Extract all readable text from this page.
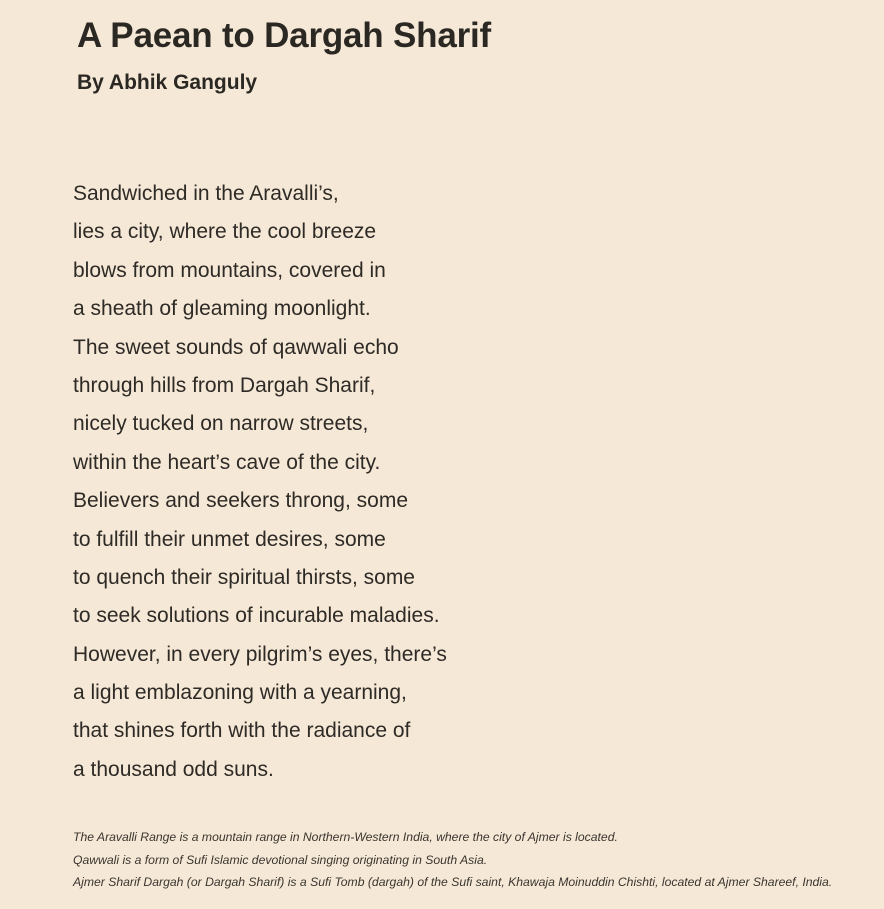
A Paean to Dargah Sharif
By Abhik Ganguly
Sandwiched in the Aravalli’s,
lies a city, where the cool breeze
blows from mountains, covered in
a sheath of gleaming moonlight.
The sweet sounds of qawwali echo
through hills from Dargah Sharif,
nicely tucked on narrow streets,
within the heart’s cave of the city.
Believers and seekers throng, some
to fulfill their unmet desires, some
to quench their spiritual thirsts, some
to seek solutions of incurable maladies.
However, in every pilgrim’s eyes, there’s
a light emblazoning with a yearning,
that shines forth with the radiance of
a thousand odd suns.
The Aravalli Range is a mountain range in Northern-Western India, where the city of Ajmer is located.
Qawwali is a form of Sufi Islamic devotional singing originating in South Asia.
Ajmer Sharif Dargah (or Dargah Sharif) is a Sufi Tomb (dargah) of the Sufi saint, Khawaja Moinuddin Chishti, located at Ajmer Shareef, India.
